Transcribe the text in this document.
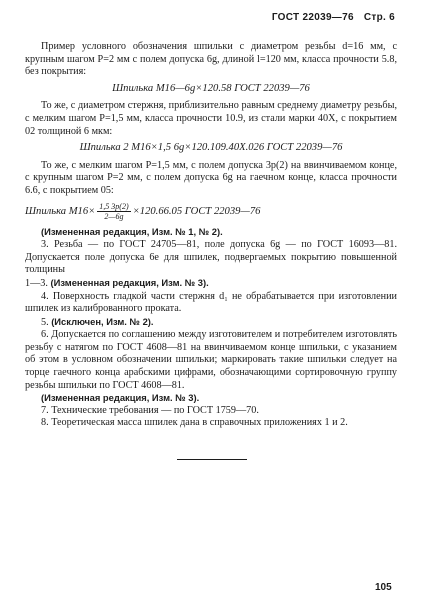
ГОСТ 22039—76 Стр. 6

Пример условного обозначения шпильки с диаметром резьбы d=16 мм, с крупным шагом P=2 мм с полем допуска 6g, длиной l=120 мм, класса прочности 5.8, без покрытия:

Шпилька М16—6g×120.58 ГОСТ 22039—76

То же, с диаметром стержня, приблизительно равным среднему диаметру резьбы, с мелким шагом P=1,5 мм, класса прочности 10.9, из стали марки 40Х, с покрытием 02 толщиной 6 мкм:

Шпилька 2 М16×1,5 6g×120.109.40Х.026 ГОСТ 22039—76

То же, с мелким шагом P=1,5 мм, с полем допуска 3p(2) на ввинчиваемом конце, с крупным шагом P=2 мм, с полем допуска 6g на гаечном конце, класса прочности 6.6, с покрытием 05:

Шпилька $М16\times \frac{1,5 3p(2)}{2—6g} \times 120.66.05$ ГОСТ 22039—76

(Измененная редакция, Изм. № 1, № 2).

3. Резьба — по ГОСТ 24705—81, поле допуска 6g — по ГОСТ 16093—81. Допускается поле допуска 6е для шпилек, подвергаемых покрытию повышенной толщины

1—3. (Измененная редакция, Изм. № 3).

4. Поверхность гладкой части стержня d₁ не обрабатывается при изготовлении шпилек из калиброванного проката.

5. (Исключен, Изм. № 2).

6. Допускается по соглашению между изготовителем и потребителем изготовлять резьбу с натягом по ГОСТ 4608—81 на ввинчиваемом конце шпильки, с указанием об этом в условном обозначении шпильки; маркировать такие шпильки следует на торце гаечного конца арабскими цифрами, обозначающими сортировочную группу резьбы шпильки по ГОСТ 4608—81.

(Измененная редакция, Изм. № 3).

7. Технические требования — по ГОСТ 1759—70.

8. Теоретическая масса шпилек дана в справочных приложениях 1 и 2.

105
